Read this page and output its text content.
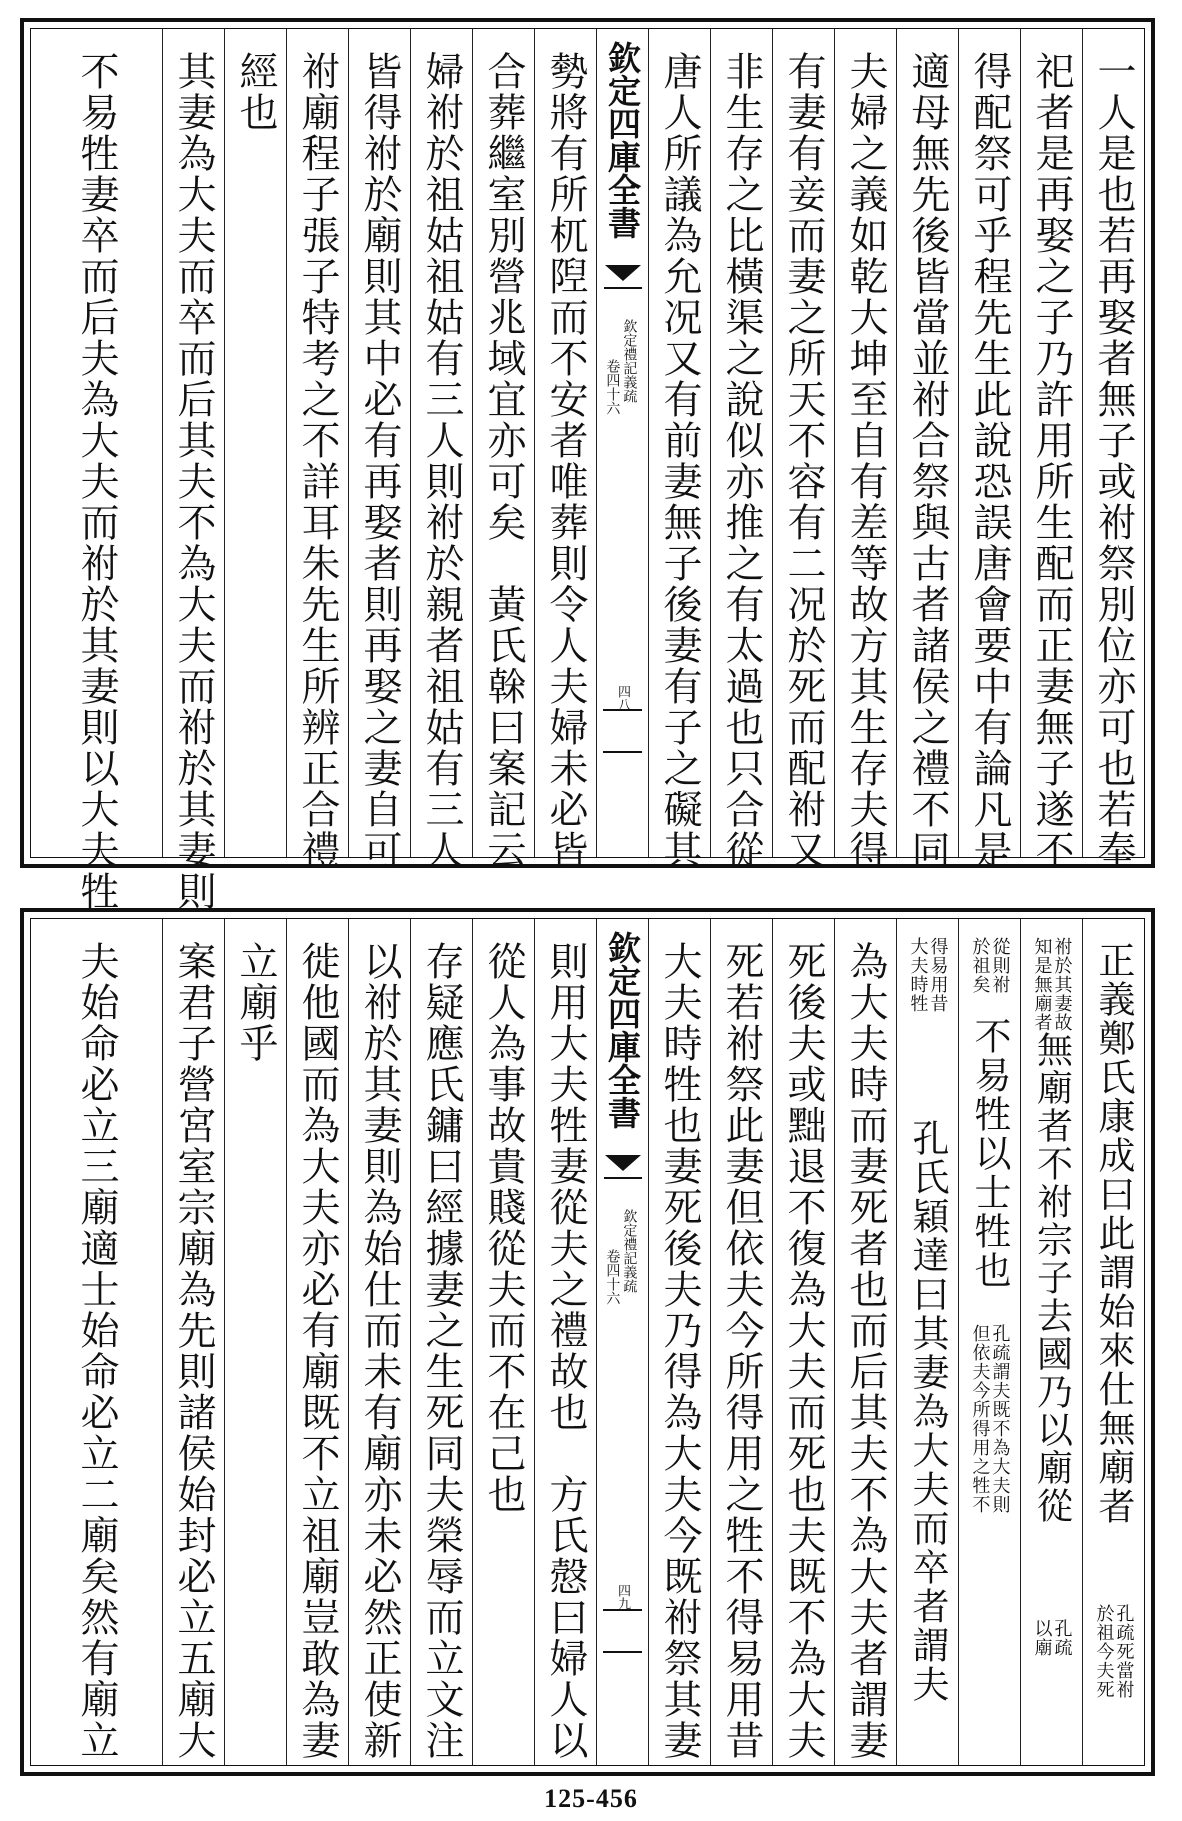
一人是也若再娶者無子或祔祭別位亦可也若奉
祀者是再娶之子乃許用所生配而正妻無子遂不
得配祭可乎程先生此說恐誤唐會要中有論凡是
適母無先後皆當並祔合祭與古者諸侯之禮不同
夫婦之義如乾大坤至自有差等故方其生存夫得
有妻有妾而妻之所天不容有二况於死而配祔又
非生存之比橫渠之說似亦推之有太過也只合從
唐人所議為允况又有前妻無子後妻有子之礙其
欽定四庫全書
欽定禮記義疏
卷四十六
四八
勢將有所杌隉而不安者唯葬則令人夫婦未必皆
合葬繼室別營兆域宜亦可矣　黃氏榦曰案記云
婦祔於祖姑祖姑有三人則祔於親者祖姑有三人
皆得祔於廟則其中必有再娶者則再娶之妻自可
祔廟程子張子特考之不詳耳朱先生所辨正合禮
經也
其妻為大夫而卒而后其夫不為大夫而祔於其妻則
不易牲妻卒而后夫為大夫而祔於其妻則以大夫牲
正義鄭氏康成曰此謂始來仕無廟者
孔疏死當祔
於祖今夫死
祔於其妻故
知是無廟者
無廟者不祔宗子去國乃以廟從
孔疏
以廟
從則祔
於祖矣
不易牲以士牲也
孔疏謂夫既不為大夫則
但依夫今所得用之牲不
得易用昔
大夫時牲
孔氏穎達曰其妻為大夫而卒者謂夫
為大夫時而妻死者也而后其夫不為大夫者謂妻
死後夫或黜退不復為大夫而死也夫既不為大夫
死若祔祭此妻但依夫今所得用之牲不得易用昔
大夫時牲也妻死後夫乃得為大夫今既祔祭其妻
欽定四庫全書
欽定禮記義疏
卷四十六
四九
則用大夫牲妻從夫之禮故也　方氏慤曰婦人以
從人為事故貴賤從夫而不在己也
存疑應氏鏞曰經據妻之生死同夫榮辱而立文注
以祔於其妻則為始仕而未有廟亦未必然正使新
徙他國而為大夫亦必有廟既不立祖廟豈敢為妻
立廟乎
案君子營宮室宗廟為先則諸侯始封必立五廟大
夫始命必立三廟適士始命必立二廟矣然有廟立
125-456
